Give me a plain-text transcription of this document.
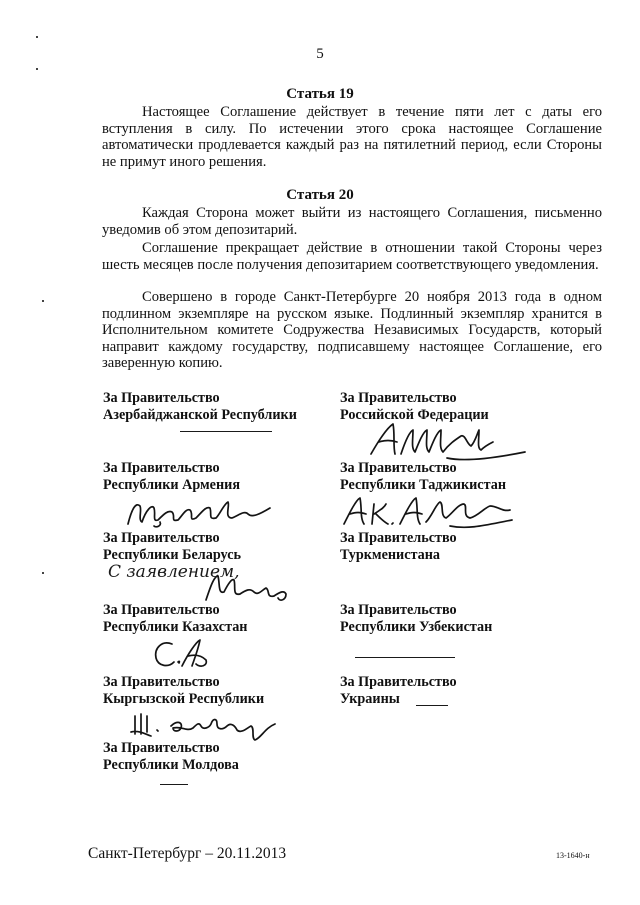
5
Статья 19
Настоящее Соглашение действует в течение пяти лет с даты его вступления в силу. По истечении этого срока настоящее Соглашение автоматически продлевается каждый раз на пятилетний период, если Стороны не примут иного решения.
Статья 20
Каждая Сторона может выйти из настоящего Соглашения, письменно уведомив об этом депозитарий.
Соглашение прекращает действие в отношении такой Стороны через шесть месяцев после получения депозитарием соответствующего уведомления.
Совершено в городе Санкт-Петербурге 20 ноября 2013 года в одном подлинном экземпляре на русском языке. Подлинный экземпляр хранится в Исполнительном комитете Содружества Независимых Государств, который направит каждому государству, подписавшему настоящее Соглашение, его заверенную копию.
За Правительство
Азербайджанской Республики
За Правительство
Республики Армения
За Правительство
Республики Беларусь
С заявлением,
За Правительство
Республики Казахстан
За Правительство
Кыргызской Республики
За Правительство
Республики Молдова
За Правительство
Российской Федерации
За Правительство
Республики Таджикистан
За Правительство
Туркменистана
За Правительство
Республики Узбекистан
За Правительство
Украины
Санкт-Петербург – 20.11.2013	13-1640-н
